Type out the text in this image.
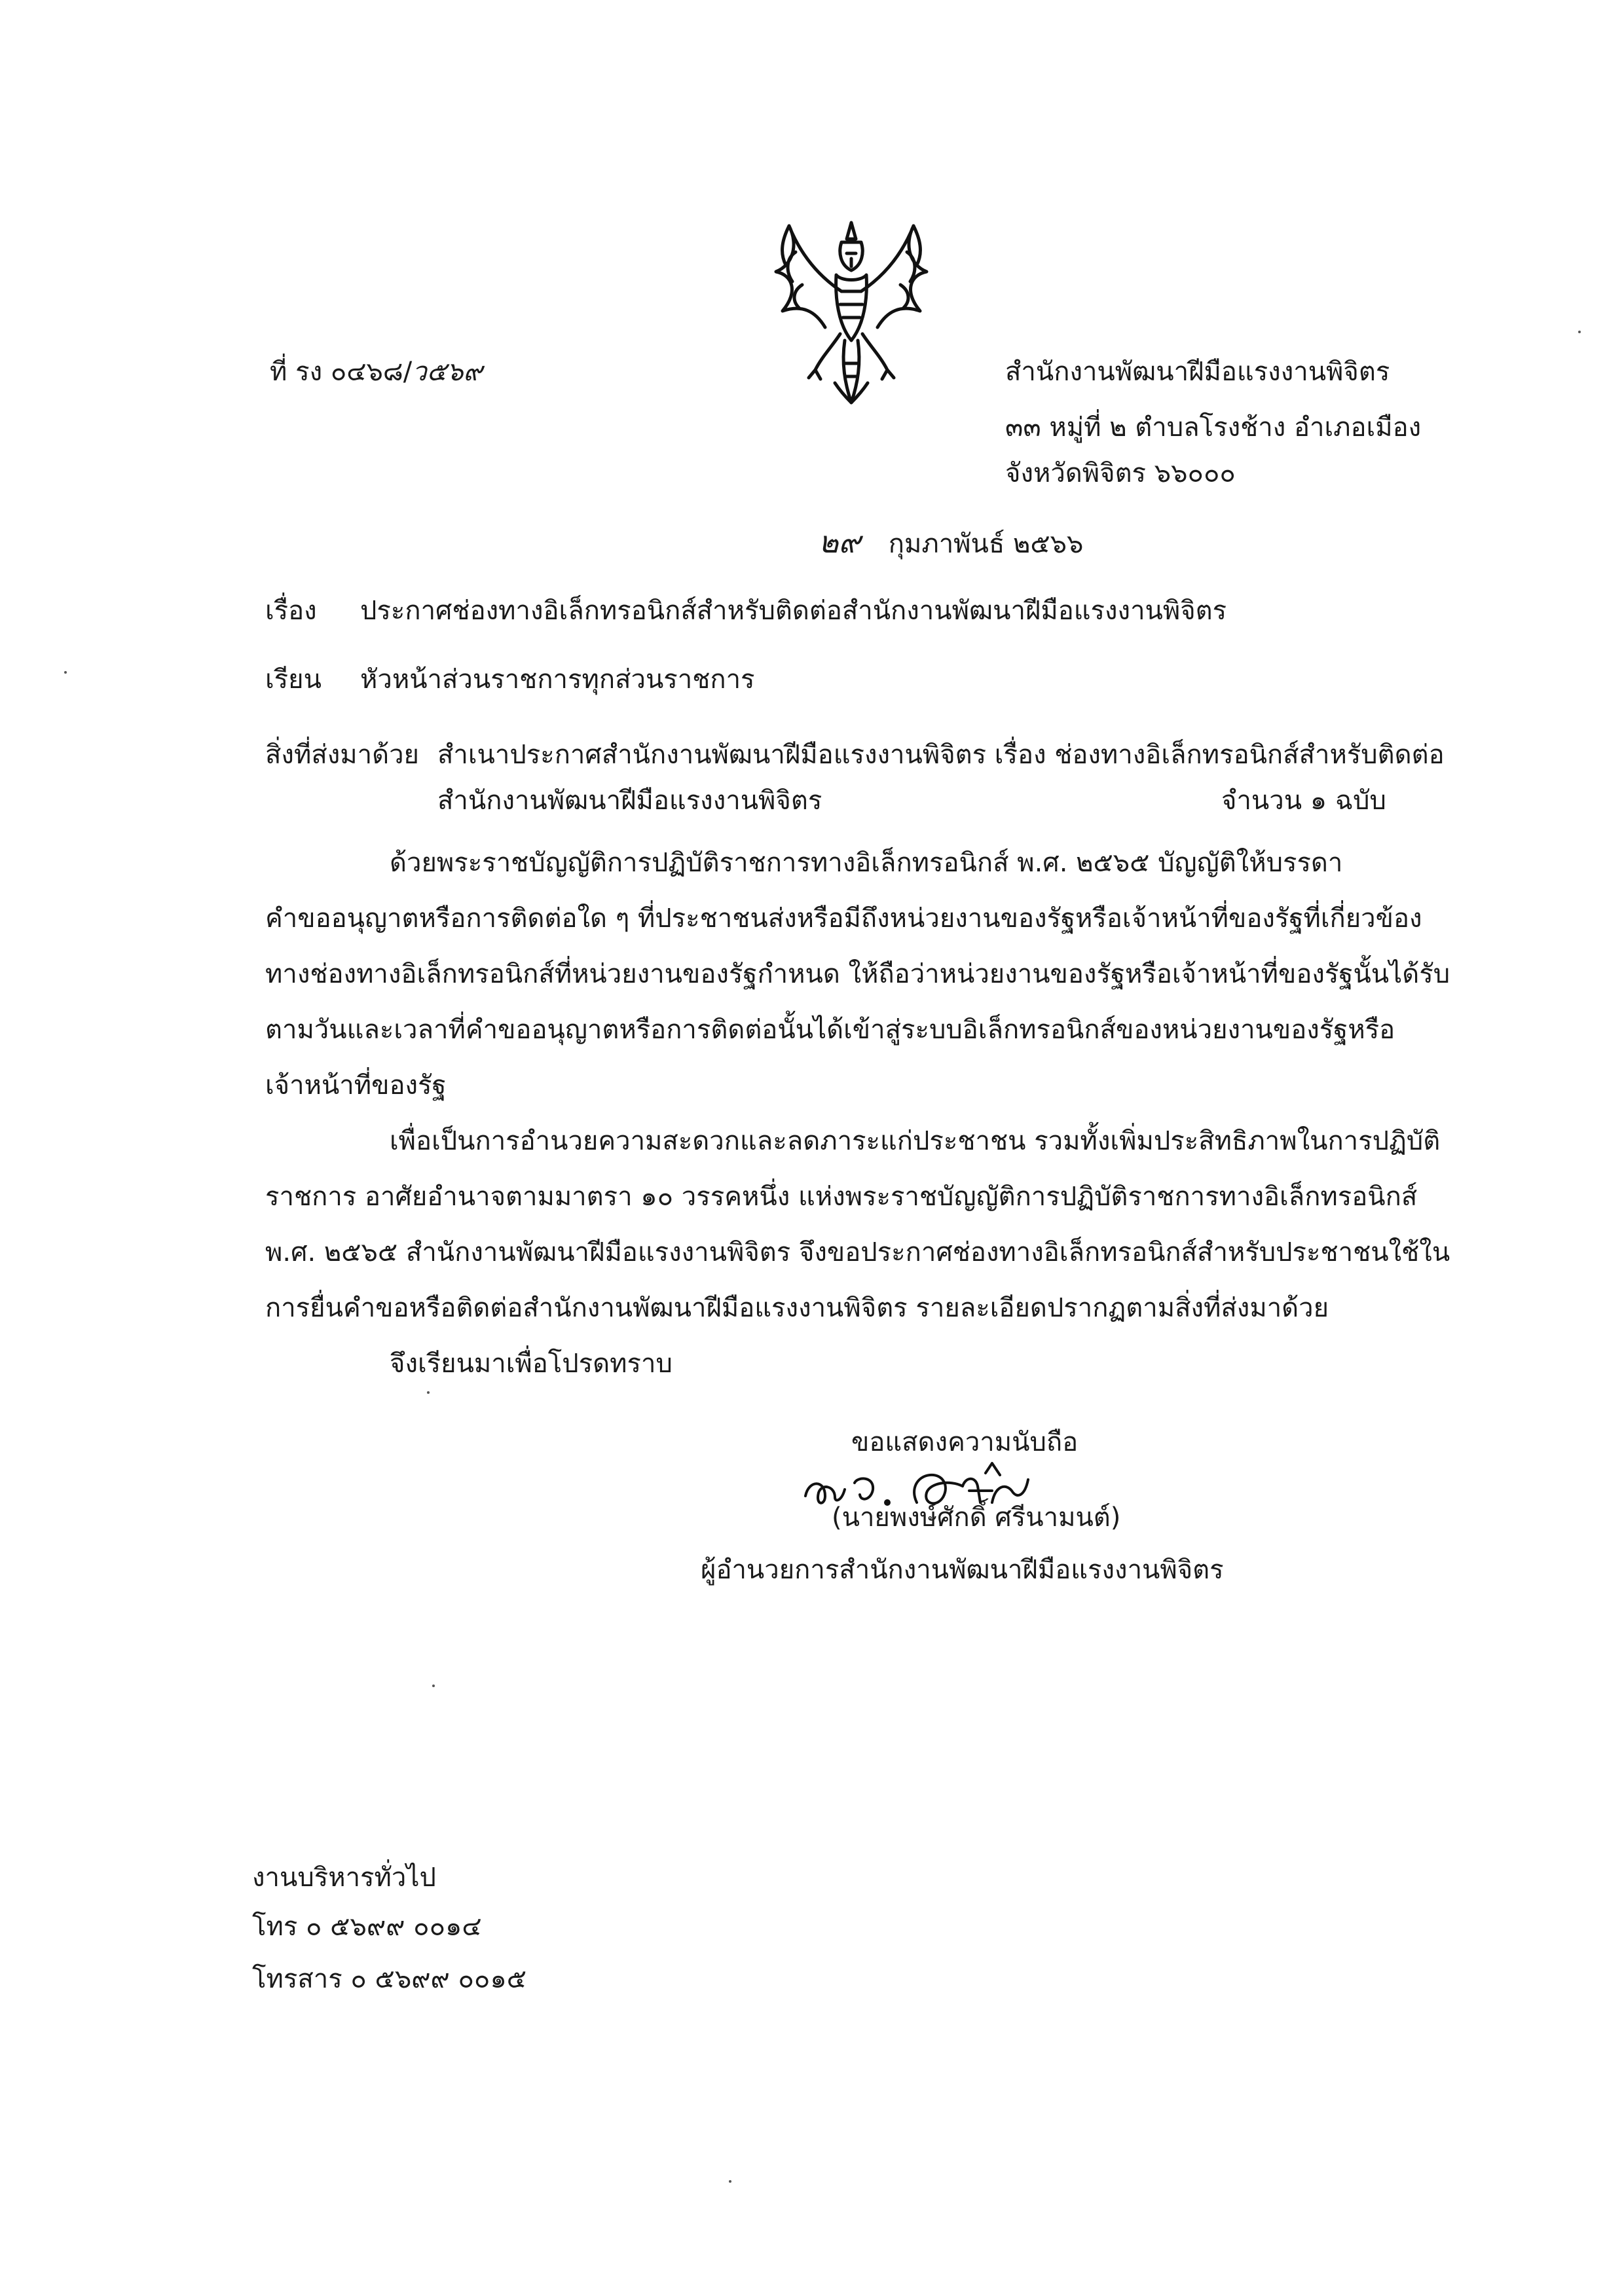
ที่ รง ๐๔๖๘/ว๕๖๙	สำนักงานพัฒนาฝีมือแรงงานพิจิตร
๓๓ หมู่ที่ ๒ ตำบลโรงช้าง อำเภอเมือง
จังหวัดพิจิตร ๖๖๐๐๐
๒๙ กุมภาพันธ์ ๒๕๖๖
เรื่อง ประกาศช่องทางอิเล็กทรอนิกส์สำหรับติดต่อสำนักงานพัฒนาฝีมือแรงงานพิจิตร
เรียน หัวหน้าส่วนราชการทุกส่วนราชการ
สิ่งที่ส่งมาด้วย สำเนาประกาศสำนักงานพัฒนาฝีมือแรงงานพิจิตร เรื่อง ช่องทางอิเล็กทรอนิกส์สำหรับติดต่อ
สำนักงานพัฒนาฝีมือแรงงานพิจิตร	จำนวน ๑ ฉบับ
ด้วยพระราชบัญญัติการปฏิบัติราชการทางอิเล็กทรอนิกส์ พ.ศ. ๒๕๖๕ บัญญัติให้บรรดา
คำขออนุญาตหรือการติดต่อใด ๆ ที่ประชาชนส่งหรือมีถึงหน่วยงานของรัฐหรือเจ้าหน้าที่ของรัฐที่เกี่ยวข้อง
ทางช่องทางอิเล็กทรอนิกส์ที่หน่วยงานของรัฐกำหนด ให้ถือว่าหน่วยงานของรัฐหรือเจ้าหน้าที่ของรัฐนั้นได้รับ
ตามวันและเวลาที่คำขออนุญาตหรือการติดต่อนั้นได้เข้าสู่ระบบอิเล็กทรอนิกส์ของหน่วยงานของรัฐหรือ
เจ้าหน้าที่ของรัฐ
เพื่อเป็นการอำนวยความสะดวกและลดภาระแก่ประชาชน รวมทั้งเพิ่มประสิทธิภาพในการปฏิบัติ
ราชการ อาศัยอำนาจตามมาตรา ๑๐ วรรคหนึ่ง แห่งพระราชบัญญัติการปฏิบัติราชการทางอิเล็กทรอนิกส์
พ.ศ. ๒๕๖๕ สำนักงานพัฒนาฝีมือแรงงานพิจิตร จึงขอประกาศช่องทางอิเล็กทรอนิกส์สำหรับประชาชนใช้ใน
การยื่นคำขอหรือติดต่อสำนักงานพัฒนาฝีมือแรงงานพิจิตร รายละเอียดปรากฏตามสิ่งที่ส่งมาด้วย
จึงเรียนมาเพื่อโปรดทราบ
ขอแสดงความนับถือ
(นายพงษ์ศักดิ์ ศรีนามนต์)
ผู้อำนวยการสำนักงานพัฒนาฝีมือแรงงานพิจิตร
งานบริหารทั่วไป
โทร ๐ ๕๖๙๙ ๐๐๑๔
โทรสาร ๐ ๕๖๙๙ ๐๐๑๕
